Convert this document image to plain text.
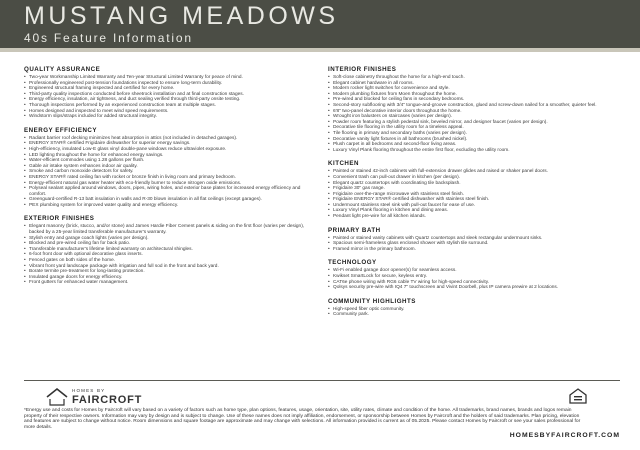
MUSTANG MEADOWS
40s Feature Information
QUALITY ASSURANCE
• Two-year Workmanship Limited Warranty and Ten-year Structural Limited Warranty for peace of mind.
• Professionally engineered post-tension foundations inspected to ensure long-term durability.
• Engineered structural framing inspected and certified for every home.
• Third-party quality inspections conducted before sheetrock installation and at final construction stages.
• Energy efficiency, insulation, air tightness, and duct sealing verified through third-party onsite testing.
• Thorough inspections performed by an experienced construction team at multiple stages.
• Homes designed and inspected to meet wind speed requirements.
• Windstorm slips/straps included for added structural integrity.
ENERGY EFFICIENCY
• Radiant barrier roof decking minimizes heat absorption in attics (not included in detached garages).
• ENERGY STAR® certified Frigidaire dishwasher for superior energy savings.
• High-efficiency, insulated Low-E glass vinyl double-pane windows reduce ultraviolet exposure.
• LED lighting throughout the home for enhanced energy savings.
• Water-efficient commodes using 1.28 gallons per flush.
• Gable air intake system enhances indoor air quality.
• Smoke and carbon monoxide detectors for safety.
• ENERGY STAR® rated ceiling fan with rocket or bronze finish in living room and primary bedroom.
• Energy-efficient natural gas water heater with eco-friendly burner to reduce nitrogen oxide emissions.
• Polyseal sealant applied around windows, doors, pipes, wiring holes, and exterior base plates for increased energy efficiency and comfort.
• Greenguard-certified R-13 batt insulation in walls and R-30 blown insulation in all flat ceilings (except garages).
• PEX plumbing system for improved water quality and energy efficiency.
EXTERIOR FINISHES
• Elegant masonry (brick, stucco, and/or stone) and James Hardie Fiber Cement panels & siding on the first floor (varies per design), backed by a 25-year limited transferable manufacturer's warranty.
• Stylish entry and garage coach lights (varies per design).
• Blocked and pre-wired ceiling fan for back patio.
• Transferable manufacturer's lifetime limited warranty on architectural shingles.
• 6-foot front door with optional decorative glass inserts.
• Fenced gates on both sides of the home.
• Vibrant front yard landscape package with irrigation and full sod in the front and back yard.
• Borate termite pre-treatment for long-lasting protection.
• Insulated garage doors for energy efficiency.
• Front gutters for enhanced water management.
INTERIOR FINISHES
• Soft-close cabinetry throughout the home for a high-end touch.
• Elegant cabinet hardware in all rooms.
• Modern rocker light switches for convenience and style.
• Modern plumbing fixtures from Moen throughout the home.
• Pre-wired and blocked for ceiling fans in secondary bedrooms.
• Second-story subflooring with 3/4" tongue-and-groove construction, glued and screw-down nailed for a smoother, quieter feel.
• 6'8" two-panel decorative interior doors throughout the home.
• Wrought iron balusters on staircases (varies per design).
• Powder room featuring a stylish pedestal sink, beveled mirror, and designer faucet (varies per design).
• Decorative tile flooring in the utility room for a timeless appeal.
• Tile flooring in primary and secondary baths (varies per design).
• Decorative vanity light fixtures in all bathrooms (brushed nickel).
• Plush carpet in all bedrooms and second-floor living areas.
• Luxury Vinyl Plank flooring throughout the entire first floor, excluding the utility room.
KITCHEN
• Painted or stained 42-inch cabinets with full-extension drawer glides and raised or shaker panel doors.
• Convenient trash can pull-out drawer in kitchen (per design).
• Elegant quartz countertops with coordinating tile backsplash.
• Frigidaire 30" gas range.
• Frigidaire over-the-range microwave with stainless steel finish.
• Frigidaire ENERGY STAR® certified dishwasher with stainless steel finish.
• Undermount stainless steel sink with pull-out faucet for ease of use.
• Luxury Vinyl Plank flooring in kitchen and dining areas.
• Pendant light pre-wire for all kitchen islands.
PRIMARY BATH
• Painted or stained vanity cabinets with Quartz countertops and sleek rectangular undermount sinks.
• Spacious semi-frameless glass enclosed shower with stylish tile surround.
• Framed mirror in the primary bathroom.
TECHNOLOGY
• Wi-Fi enabled garage door opener(s) for seamless access.
• Kwikset SmartLock for secure, keyless entry.
• CAT6e phone wiring with RG6 cable TV wiring for high-speed connectivity.
• Qolsys security pre-wire with IQ4 7" touchscreen and Vivint Doorbell, plus IP camera prewire at 2 locations.
COMMUNITY HIGHLIGHTS
• High-speed fiber optic community.
• Community park.
HOMES BY
FAIRCROFT
*Energy use and costs for Homes by Faircroft will vary based on a variety of factors such as home type, plan options, features, usage, orientation, site, utility rates, climate and condition of the home. All trademarks, brand names, brands and logos remain property of their respective owners. Information may vary by design and is subject to change. Use of these names does not imply affiliation, endorsement, or sponsorship between Homes by Faircroft and the holders of said trademarks. Plan pricing, elevation and features are subject to change without notice. Room dimensions and square footage are approximate and may change with selections. All information provided is current as of 05.2025. Please contact Homes by Faircroft or see your sales professional for more details.
HOMESBYFAIRCROFT.COM
